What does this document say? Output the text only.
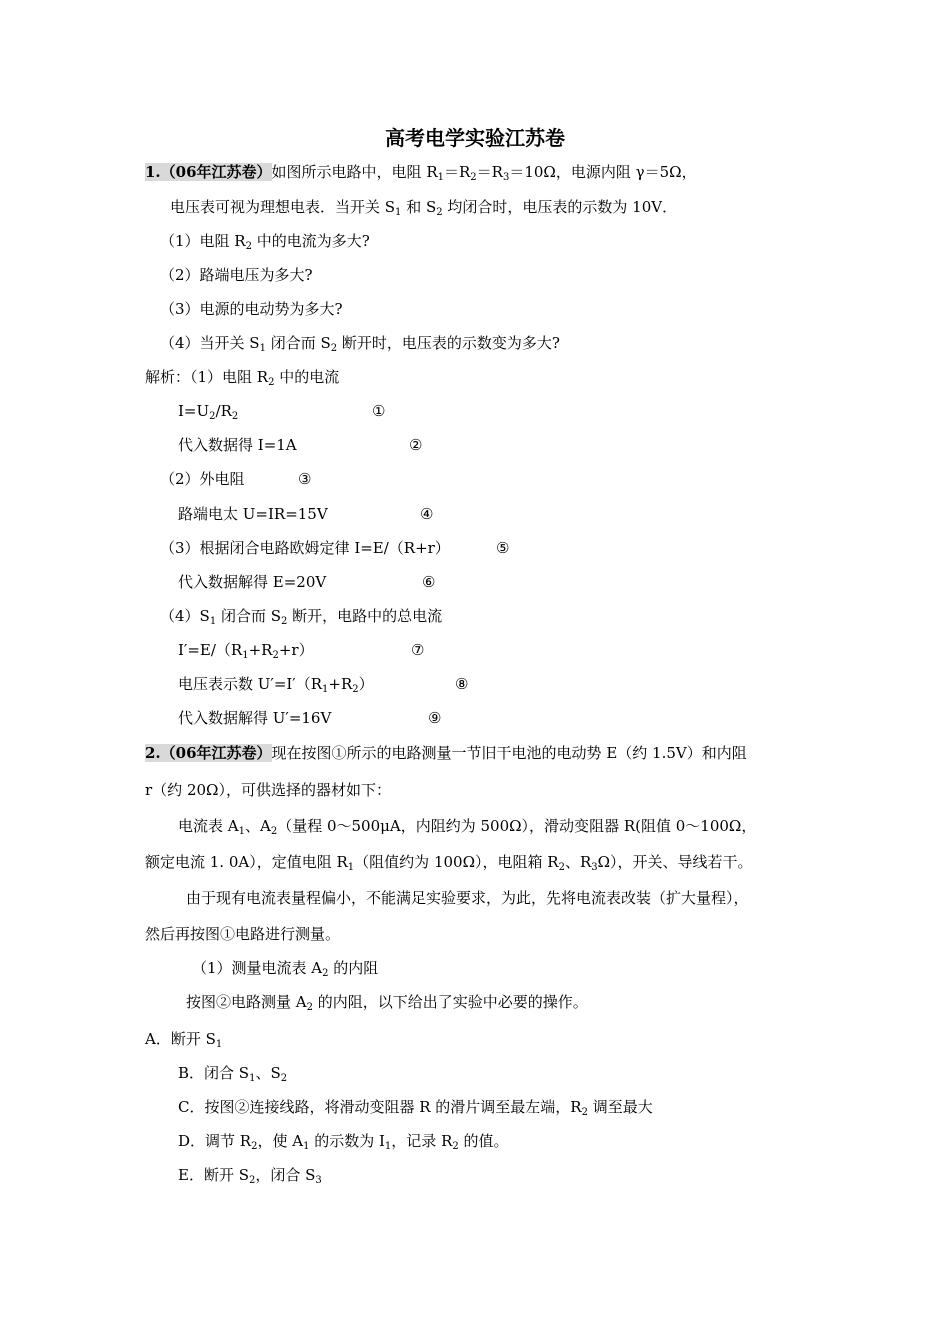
高考电学实验江苏卷
1.（06年江苏卷）如图所示电路中，电阻 $R_1=R_2=R_3=10\Omega$，电源内阻 γ＝5Ω，
电压表可视为理想电表．当开关 $S_1$ 和 $S_2$ 均闭合时，电压表的示数为 10V．
（1）电阻 $R_2$ 中的电流为多大?
（2）路端电压为多大?
（3）电源的电动势为多大?
（4）当开关 $S_1$ 闭合而 $S_2$ 断开时，电压表的示数变为多大?
解析：（1）电阻 $R_2$ 中的电流
$I=U_2/R_2$	①
代入数据得 I=1A	②
（2）外电阻	③
路端电太 U=IR=15V	④
（3）根据闭合电路欧姆定律 I=E/（R+r）	⑤
代入数据解得 E=20V	⑥
$(4)S_1$ 闭合而 $S_2$ 断开，电路中的总电流
$I'=E/(R_1+R_2+r)$	⑦
电压表示数 $U'=I'(R_1+R_2)$	⑧
代入数据解得 U′=16V	⑨
2.（06年江苏卷）现在按图①所示的电路测量一节旧干电池的电动势 E（约 1.5V）和内阻
r（约 20Ω），可供选择的器材如下：
电流表 $A_1$、$A_2$（量程 0～500μA，内阻约为 500Ω），滑动变阻器 R(阻值 0～100Ω，
额定电流 1. 0A），定值电阻 $R_1$（阻值约为 100Ω），电阻箱 $R_2$、$R_3\Omega$），开关、导线若干。
由于现有电流表量程偏小，不能满足实验要求，为此，先将电流表改装（扩大量程），
然后再按图①电路进行测量。
（1）测量电流表 $A_2$ 的内阻
按图②电路测量 $A_2$ 的内阻，以下给出了实验中必要的操作。
A．断开 $S_1$
B．闭合 $S_1$、$S_2$
C．按图②连接线路，将滑动变阻器 R 的滑片调至最左端，$R_2$ 调至最大
D．调节 $R_2$，使 $A_1$ 的示数为 $I_1$，记录 $R_2$ 的值。
E．断开 $S_2$，闭合 $S_3$
